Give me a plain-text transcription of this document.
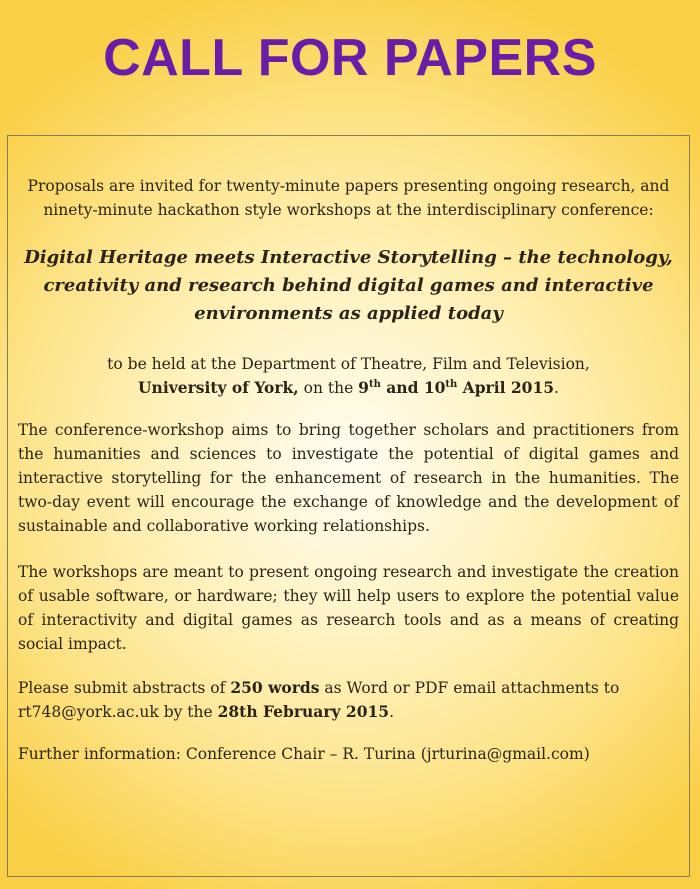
CALL FOR PAPERS

Proposals are invited for twenty-minute papers presenting ongoing research, and ninety-minute hackathon style workshops at the interdisciplinary conference:

Digital Heritage meets Interactive Storytelling – the technology, creativity and research behind digital games and interactive environments as applied today

to be held at the Department of Theatre, Film and Television,
University of York, on the 9th and 10th April 2015.

The conference-workshop aims to bring together scholars and practitioners from the humanities and sciences to investigate the potential of digital games and interactive storytelling for the enhancement of research in the humanities. The two-day event will encourage the exchange of knowledge and the development of sustainable and collaborative working relationships.

The workshops are meant to present ongoing research and investigate the creation of usable software, or hardware; they will help users to explore the potential value of interactivity and digital games as research tools and as a means of creating social impact.

Please submit abstracts of 250 words as Word or PDF email attachments to rt748@york.ac.uk by the 28th February 2015.

Further information: Conference Chair – R. Turina (jrturina@gmail.com)
